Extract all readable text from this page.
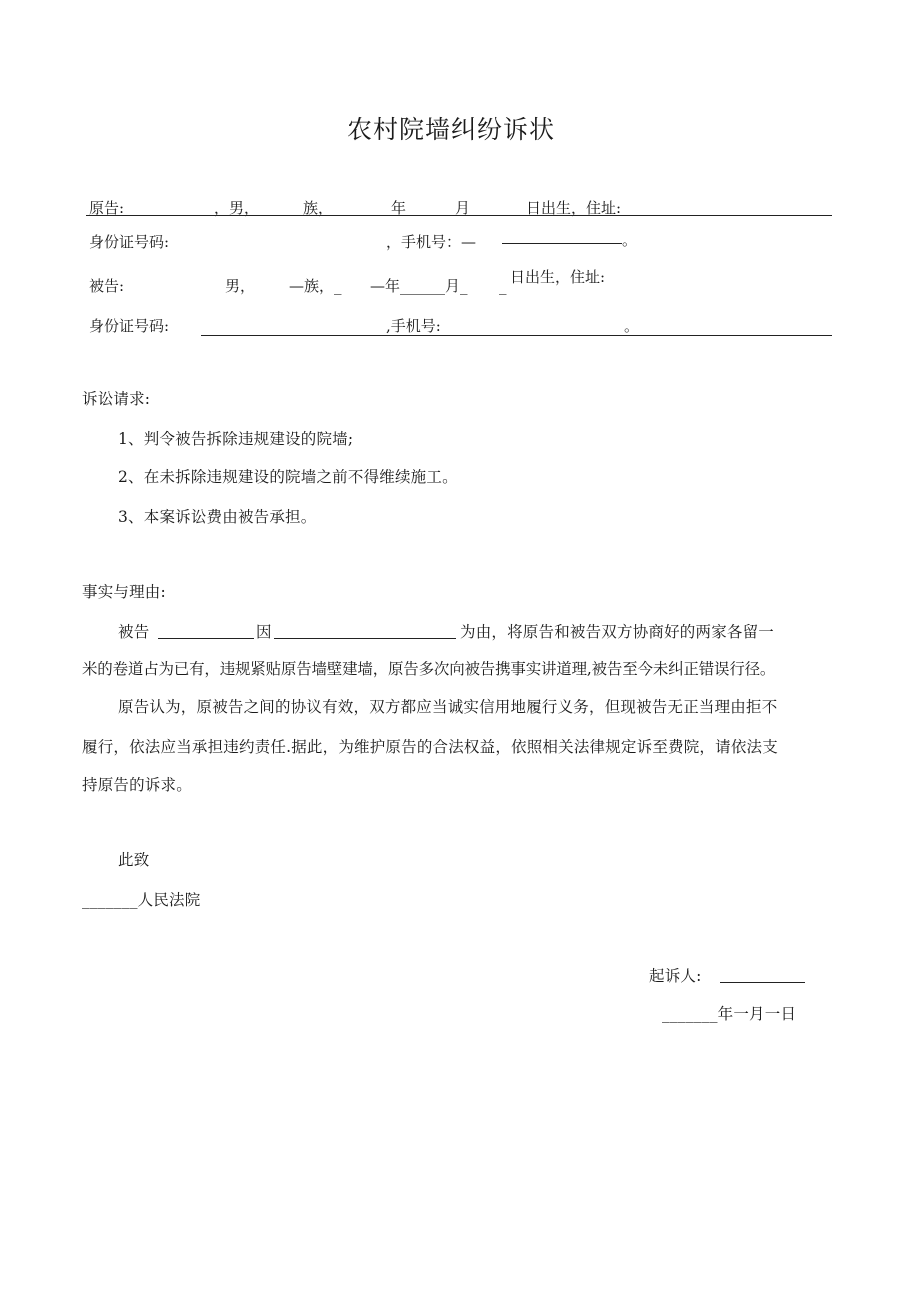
农村院墙纠纷诉状
原告:	，男，	族，	年	月	日出生，住址:
身份证号码:	，手机号：—	。
被告:	男， —族，_ —年______月_ _ 日出生，住址:
身份证号码:	,手机号:	。
诉讼请求:
1、判令被告拆除违规建设的院墙;
2、在未拆除违规建设的院墙之前不得维续施工。
3、本案诉讼费由被告承担。
事实与理由:
被告	因	为由，将原告和被告双方协商好的两家各留一
米的卷道占为已有，违规紧贴原告墙壁建墙，原告多次向被告携事实讲道理,被告至今未纠正错误行径。
原告认为，原被告之间的协议有效，双方都应当诚实信用地履行义务，但现被告无正当理由拒不
履行，依法应当承担违约责任.据此，为维护原告的合法权益，依照相关法律规定诉至费院，请依法支
持原告的诉求。
此致
_______人民法院
起诉人:
_______年一月一日
